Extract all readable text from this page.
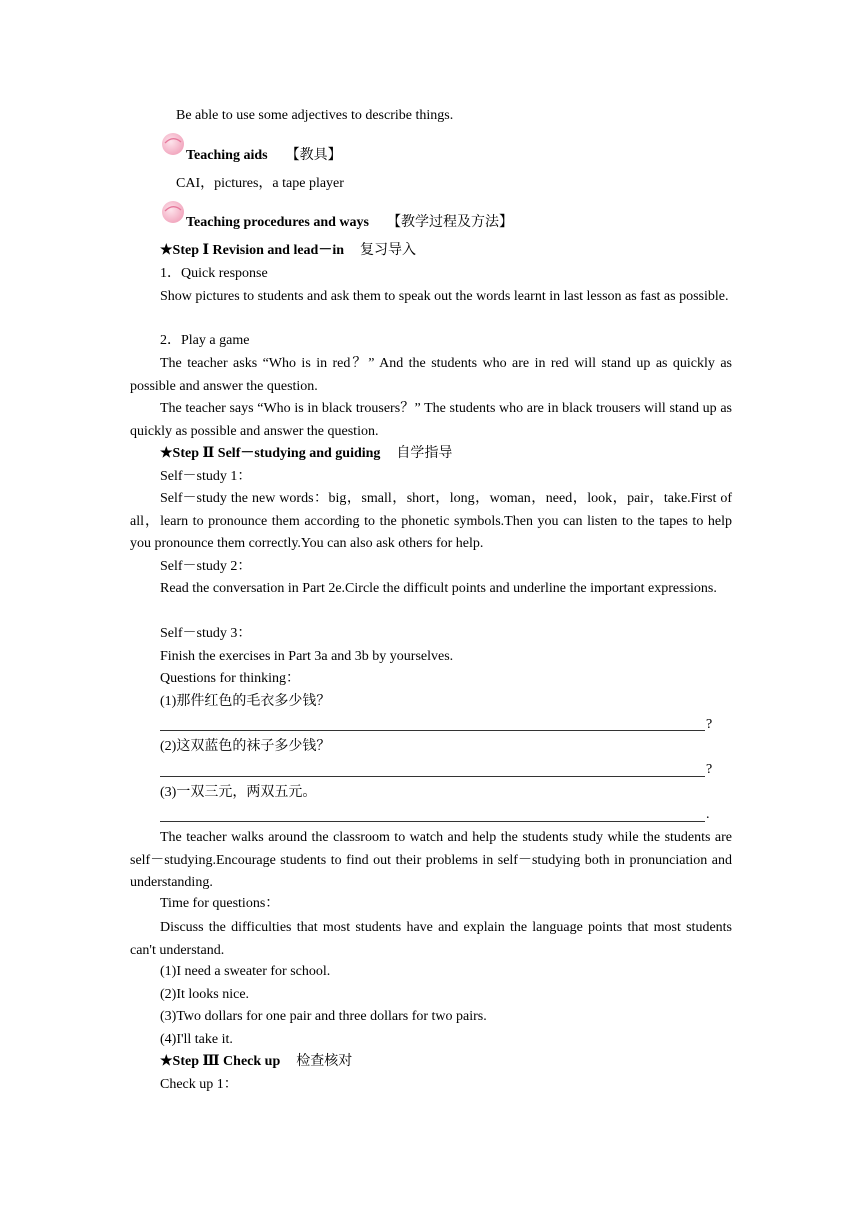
Be able to use some adjectives to describe things.
Teaching aids 【教具】
CAI，pictures，a tape player
Teaching procedures and ways 【教学过程及方法】
★Step Ⅰ Revision and lead－in 复习导入
1．Quick response
Show pictures to students and ask them to speak out the words learnt in last lesson as fast as possible.
2．Play a game
The teacher asks “Who is in red？” And the students who are in red will stand up as quickly as possible and answer the question.
The teacher says “Who is in black trousers？” The students who are in black trousers will stand up as quickly as possible and answer the question.
★Step Ⅱ Self－studying and guiding 自学指导
Self－study 1：
Self－study the new words：big，small，short，long，woman，need，look，pair，take.First of all，learn to pronounce them according to the phonetic symbols.Then you can listen to the tapes to help you pronounce them correctly.You can also ask others for help.
Self－study 2：
Read the conversation in Part 2e.Circle the difficult points and underline the important expressions.
Self－study 3：
Finish the exercises in Part 3a and 3b by yourselves.
Questions for thinking：
(1)那件红色的毛衣多少钱？
?
(2)这双蓝色的袜子多少钱？
?
(3)一双三元，两双五元。
.
The teacher walks around the classroom to watch and help the students study while the students are self－studying.Encourage students to find out their problems in self－studying both in pronunciation and understanding.
Time for questions：
Discuss the difficulties that most students have and explain the language points that most students can't understand.
(1)I need a sweater for school.
(2)It looks nice.
(3)Two dollars for one pair and three dollars for two pairs.
(4)I'll take it.
★Step Ⅲ Check up 检查核对
Check up 1：
